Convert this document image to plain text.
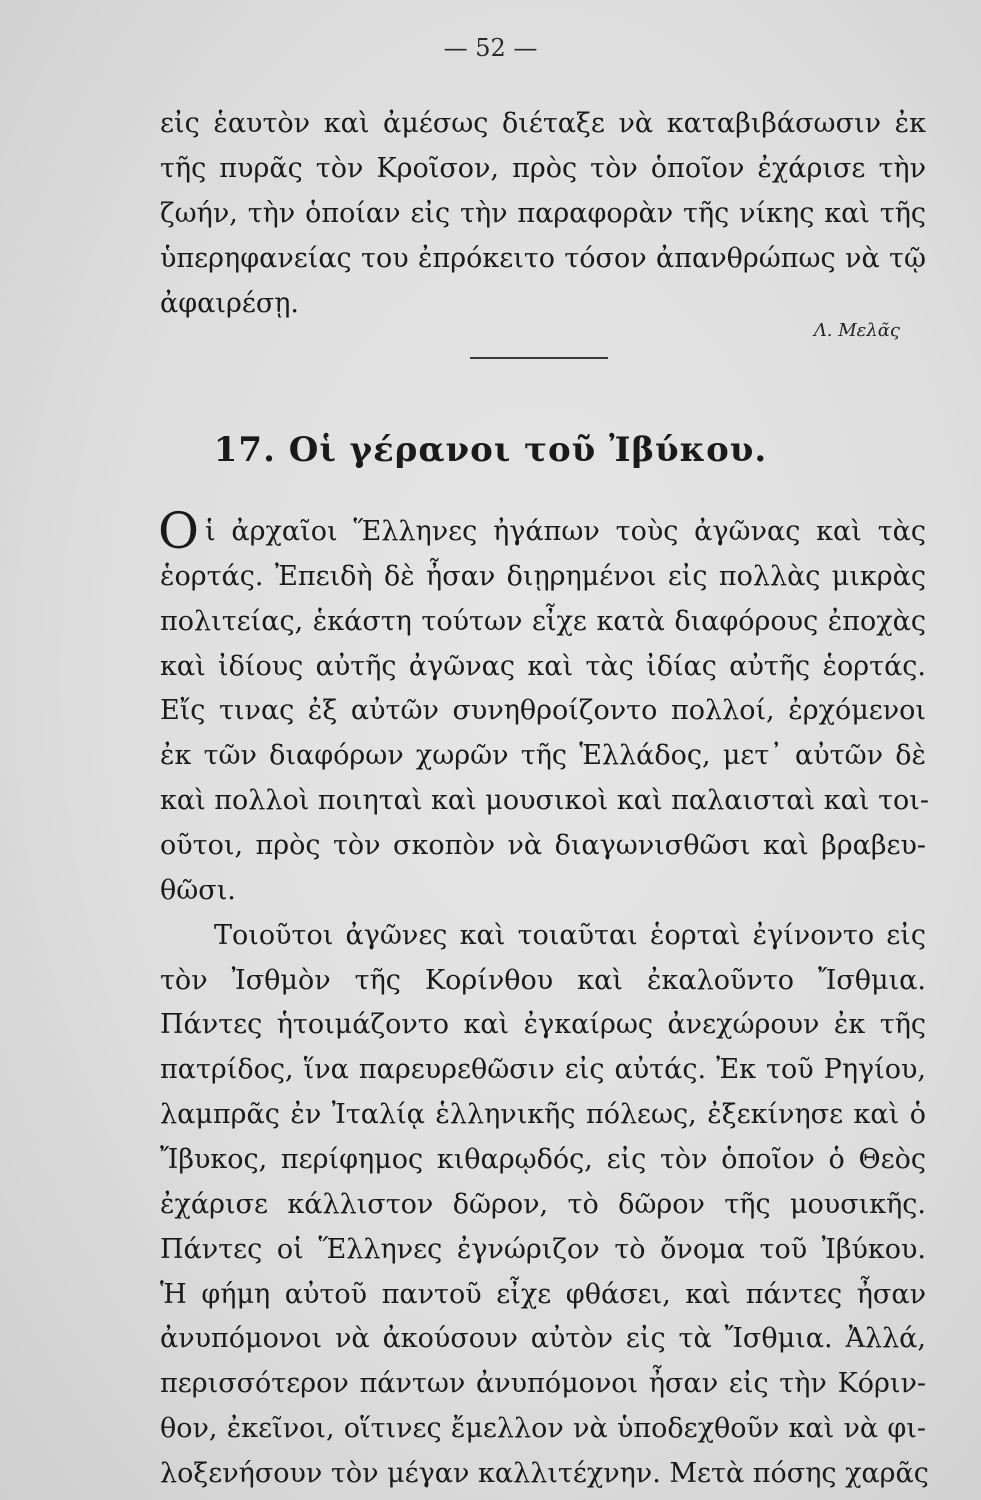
— 52 —
εἰς ἑαυτὸν καὶ ἀμέσως διέταξε νὰ καταβιβάσωσιν ἐκ
τῆς πυρᾶς τὸν Κροῖσον, πρὸς τὸν ὁποῖον ἐχάρισε τὴν
ζωήν, τὴν ὁποίαν εἰς τὴν παραφορὰν τῆς νίκης καὶ τῆς
ὑπερηφανείας του ἐπρόκειτο τόσον ἀπανθρώπως νὰ τῷ
ἀφαιρέσῃ.
Λ. Μελᾶς
17. Οἱ γέρανοι τοῦ Ἰβύκου.
O ἱ ἀρχαῖοι Ἕλληνες ἠγάπων τοὺς ἀγῶνας καὶ τὰς
ἑορτάς. Ἐπειδὴ δὲ ἦσαν διῃρημένοι εἰς πολλὰς μικρὰς
πολιτείας, ἑκάστη τούτων εἶχε κατὰ διαφόρους ἐποχὰς
καὶ ἰδίους αὐτῆς ἀγῶνας καὶ τὰς ἰδίας αὐτῆς ἑορτάς.
Εἴς τινας ἐξ αὐτῶν συνηθροίζοντο πολλοί, ἐρχόμενοι
ἐκ τῶν διαφόρων χωρῶν τῆς Ἑλλάδος, μετ᾽ αὐτῶν δὲ
καὶ πολλοὶ ποιηταὶ καὶ μουσικοὶ καὶ παλαισταὶ καὶ τοι-
οῦτοι, πρὸς τὸν σκοπὸν νὰ διαγωνισθῶσι καὶ βραβευ-
θῶσι.
Τοιοῦτοι ἀγῶνες καὶ τοιαῦται ἑορταὶ ἐγίνοντο εἰς
τὸν Ἰσθμὸν τῆς Κορίνθου καὶ ἐκαλοῦντο Ἴσθμια.
Πάντες ἡτοιμάζοντο καὶ ἐγκαίρως ἀνεχώρουν ἐκ τῆς
πατρίδος, ἵνα παρευρεθῶσιν εἰς αὐτάς. Ἐκ τοῦ Ρηγίου,
λαμπρᾶς ἐν Ἰταλίᾳ ἑλληνικῆς πόλεως, ἐξεκίνησε καὶ ὁ
Ἴβυκος, περίφημος κιθαρῳδός, εἰς τὸν ὁποῖον ὁ Θεὸς
ἐχάρισε κάλλιστον δῶρον, τὸ δῶρον τῆς μουσικῆς.
Πάντες οἱ Ἕλληνες ἐγνώριζον τὸ ὄνομα τοῦ Ἰβύκου.
Ἡ φήμη αὐτοῦ παντοῦ εἶχε φθάσει, καὶ πάντες ἦσαν
ἀνυπόμονοι νὰ ἀκούσουν αὐτὸν εἰς τὰ Ἴσθμια. Ἀλλά,
περισσότερον πάντων ἀνυπόμονοι ἦσαν εἰς τὴν Κόριν-
θον, ἐκεῖνοι, οἵτινες ἔμελλον νὰ ὑποδεχθοῦν καὶ νὰ φι-
λοξενήσουν τὸν μέγαν καλλιτέχνην. Μετὰ πόσης χαρᾶς
